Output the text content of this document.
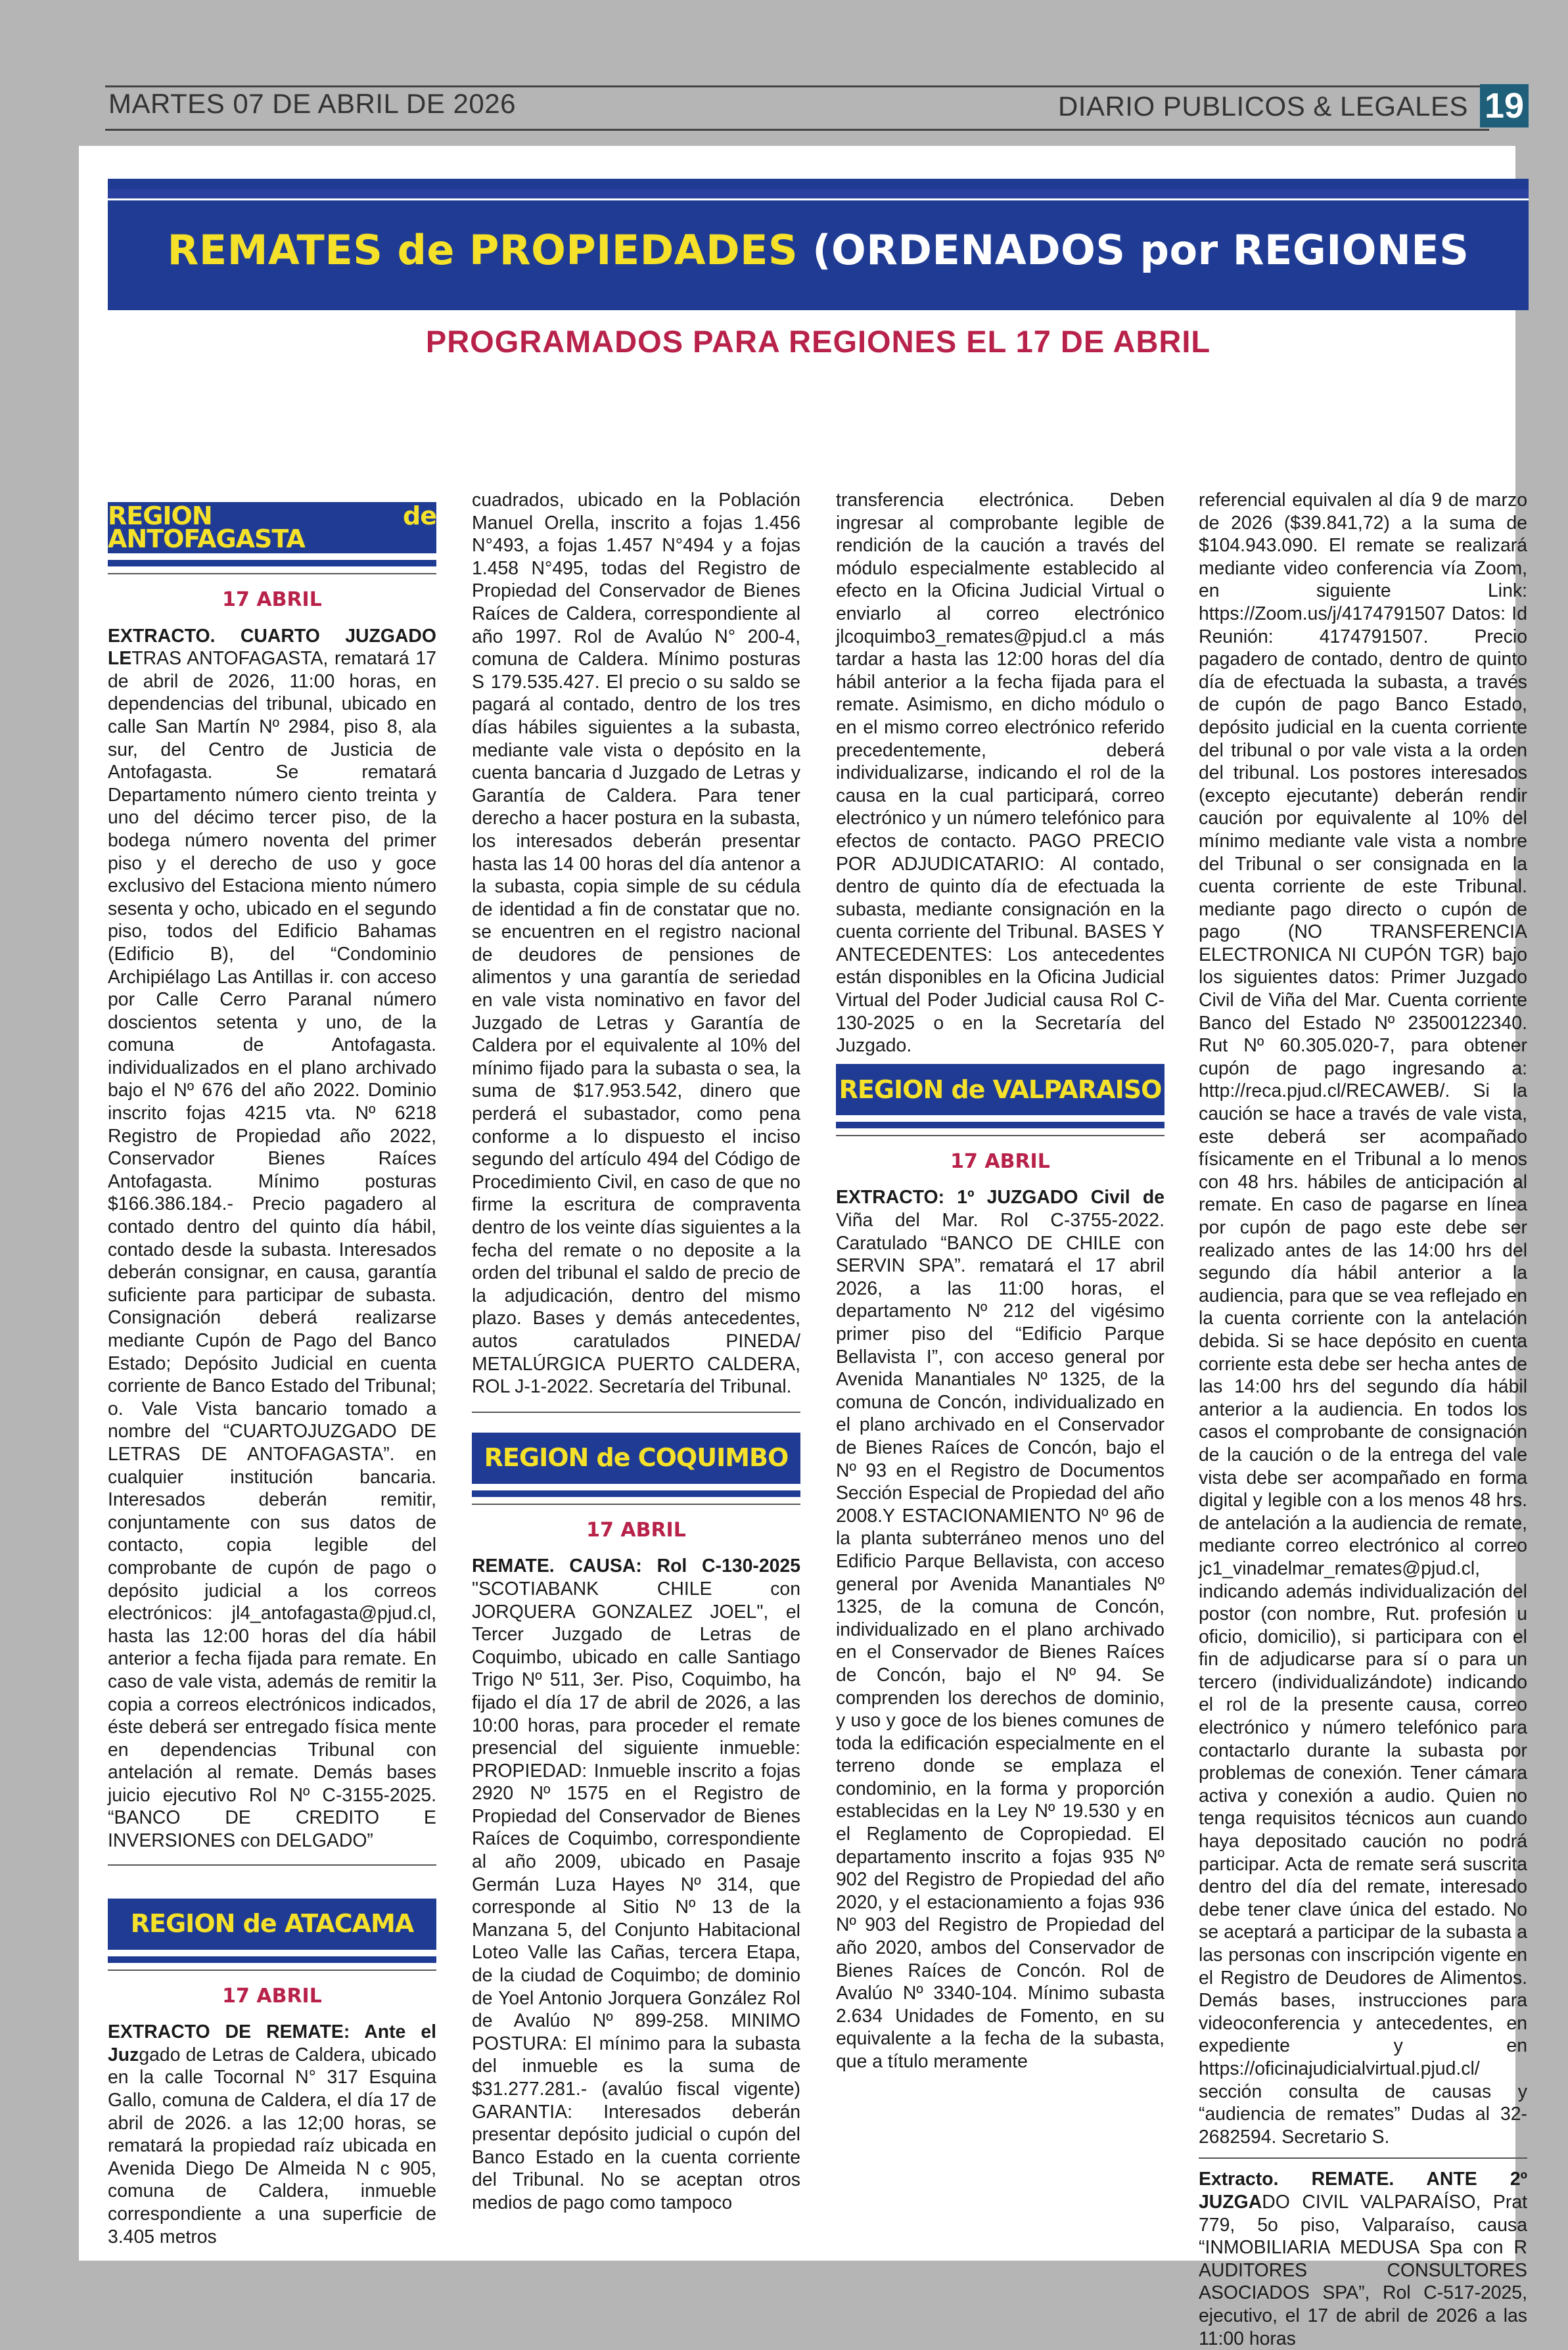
MARTES 07 DE ABRIL DE 2026	DIARIO PUBLICOS & LEGALES 19
REMATES de PROPIEDADES (ORDENADOS por REGIONES
PROGRAMADOS PARA REGIONES EL 17 DE ABRIL
REGION de ANTOFAGASTA
17 ABRIL

EXTRACTO. CUARTO JUZGADO LETRAS ANTOFAGASTA, rematará 17 de abril de 2026, 11:00 horas, en dependencias del tribunal, ubicado en calle San Martín Nº 2984, piso 8, ala sur, del Centro de Justicia de Antofagasta. Se rematará Departamento número ciento treinta y uno del décimo tercer piso, de la bodega número noventa del primer piso y el derecho de uso y goce exclusivo del Estaciona miento número sesenta y ocho, ubicado en el segundo piso, todos del Edificio Bahamas (Edificio B), del “Condominio Archipiélago Las Antillas ir. con acceso por Calle Cerro Paranal número doscientos setenta y uno, de la comuna de Antofagasta. individualizados en el plano archivado bajo el Nº 676 del año 2022. Dominio inscrito fojas 4215 vta. Nº 6218 Registro de Propiedad año 2022, Conservador Bienes Raíces Antofagasta. Mínimo posturas $166.386.184.- Precio pagadero al contado dentro del quinto día hábil, contado desde la subasta. Interesados deberán consignar, en causa, garantía suficiente para participar de subasta. Consignación deberá realizarse mediante Cupón de Pago del Banco Estado; Depósito Judicial en cuenta corriente de Banco Estado del Tribunal; o. Vale Vista bancario tomado a nombre del “CUARTOJUZGADO DE LETRAS DE ANTOFAGASTA”. en cualquier institución bancaria. Interesados deberán remitir, conjuntamente con sus datos de contacto, copia legible del comprobante de cupón de pago o depósito judicial a los correos electrónicos: jl4_antofagasta@pjud.cl, hasta las 12:00 horas del día hábil anterior a fecha fijada para remate. En caso de vale vista, además de remitir la copia a correos electrónicos indicados, éste deberá ser entregado física mente en dependencias Tribunal con antelación al remate. Demás bases juicio ejecutivo Rol Nº C-3155-2025. “BANCO DE CREDITO E INVERSIONES con DELGADO”

REGION de ATACAMA
17 ABRIL

EXTRACTO DE REMATE: Ante el Juzgado de Letras de Caldera, ubicado en la calle Tocornal N° 317 Esquina Gallo, comuna de Caldera, el día 17 de abril de 2026. a las 12;00 horas, se rematará la propiedad raíz ubicada en Avenida Diego De Almeida N c 905, comuna de Caldera, inmueble correspondiente a una superficie de 3.405 metros

cuadrados, ubicado en la Población Manuel Orella, inscrito a fojas 1.456 N°493, a fojas 1.457 N°494 y a fojas 1.458 N°495, todas del Registro de Propiedad del Conservador de Bienes Raíces de Caldera, correspondiente al año 1997. Rol de Avalúo N° 200-4, comuna de Caldera. Mínimo posturas S 179.535.427. El precio o su saldo se pagará al contado, dentro de los tres días hábiles siguientes a la subasta, mediante vale vista o depósito en la cuenta bancaria d Juzgado de Letras y Garantía de Caldera. Para tener derecho a hacer postura en la subasta, los interesados deberán presentar hasta las 14 00 horas del día antenor a la subasta, copia simple de su cédula de identidad a fin de constatar que no. se encuentren en el registro nacional de deudores de pensiones de alimentos y una garantía de seriedad en vale vista nominativo en favor del Juzgado de Letras y Garantía de Caldera por el equivalente al 10% del mínimo fijado para la subasta o sea, la suma de $17.953.542, dinero que perderá el subastador, como pena conforme a lo dispuesto el inciso segundo del artículo 494 del Código de Procedimiento Civil, en caso de que no firme la escritura de compraventa dentro de los veinte días siguientes a la fecha del remate o no deposite a la orden del tribunal el saldo de precio de la adjudicación, dentro del mismo plazo. Bases y demás antecedentes, autos caratulados PINEDA/ METALÚRGICA PUERTO CALDERA, ROL J-1-2022. Secretaría del Tribunal.

REGION de COQUIMBO
17 ABRIL

REMATE. CAUSA: Rol C-130-2025 "SCOTIABANK CHILE con JORQUERA GONZALEZ JOEL", el Tercer Juzgado de Letras de Coquimbo, ubicado en calle Santiago Trigo Nº 511, 3er. Piso, Coquimbo, ha fijado el día 17 de abril de 2026, a las 10:00 horas, para proceder el remate presencial del siguiente inmueble: PROPIEDAD: Inmueble inscrito a fojas 2920 Nº 1575 en el Registro de Propiedad del Conservador de Bienes Raíces de Coquimbo, correspondiente al año 2009, ubicado en Pasaje Germán Luza Hayes Nº 314, que corresponde al Sitio Nº 13 de la Manzana 5, del Conjunto Habitacional Loteo Valle las Cañas, tercera Etapa, de la ciudad de Coquimbo; de dominio de Yoel Antonio Jorquera González Rol de Avalúo Nº 899-258. MINIMO POSTURA: El mínimo para la subasta del inmueble es la suma de $31.277.281.- (avalúo fiscal vigente) GARANTIA: Interesados deberán presentar depósito judicial o cupón del Banco Estado en la cuenta corriente del Tribunal. No se aceptan otros medios de pago como tampoco

transferencia electrónica. Deben ingresar al comprobante legible de rendición de la caución a través del módulo especialmente establecido al efecto en la Oficina Judicial Virtual o enviarlo al correo electrónico jlcoquimbo3_remates@pjud.cl a más tardar a hasta las 12:00 horas del día hábil anterior a la fecha fijada para el remate. Asimismo, en dicho módulo o en el mismo correo electrónico referido precedentemente, deberá individualizarse, indicando el rol de la causa en la cual participará, correo electrónico y un número telefónico para efectos de contacto. PAGO PRECIO POR ADJUDICATARIO: Al contado, dentro de quinto día de efectuada la subasta, mediante consignación en la cuenta corriente del Tribunal. BASES Y ANTECEDENTES: Los antecedentes están disponibles en la Oficina Judicial Virtual del Poder Judicial causa Rol C-130-2025 o en la Secretaría del Juzgado.

REGION de VALPARAISO
17 ABRIL

EXTRACTO: 1º JUZGADO Civil de Viña del Mar. Rol C-3755-2022. Caratulado “BANCO DE CHILE con SERVIN SPA”. rematará el 17 abril 2026, a las 11:00 horas, el departamento Nº 212 del vigésimo primer piso del “Edificio Parque Bellavista I”, con acceso general por Avenida Manantiales Nº 1325, de la comuna de Concón, individualizado en el plano archivado en el Conservador de Bienes Raíces de Concón, bajo el Nº 93 en el Registro de Documentos Sección Especial de Propiedad del año 2008.Y ESTACIONAMIENTO Nº 96 de la planta subterráneo menos uno del Edificio Parque Bellavista, con acceso general por Avenida Manantiales Nº 1325, de la comuna de Concón, individualizado en el plano archivado en el Conservador de Bienes Raíces de Concón, bajo el Nº 94. Se comprenden los derechos de dominio, y uso y goce de los bienes comunes de toda la edificación especialmente en el terreno donde se emplaza el condominio, en la forma y proporción establecidas en la Ley Nº 19.530 y en el Reglamento de Copropiedad. El departamento inscrito a fojas 935 Nº 902 del Registro de Propiedad del año 2020, y el estacionamiento a fojas 936 Nº 903 del Registro de Propiedad del año 2020, ambos del Conservador de Bienes Raíces de Concón. Rol de Avalúo Nº 3340-104. Mínimo subasta 2.634 Unidades de Fomento, en su equivalente a la fecha de la subasta, que a título meramente

referencial equivalen al día 9 de marzo de 2026 ($39.841,72) a la suma de $104.943.090. El remate se realizará mediante video conferencia vía Zoom, en siguiente Link: https://Zoom.us/j/4174791507 Datos: Id Reunión: 4174791507. Precio pagadero de contado, dentro de quinto día de efectuada la subasta, a través de cupón de pago Banco Estado, depósito judicial en la cuenta corriente del tribunal o por vale vista a la orden del tribunal. Los postores interesados (excepto ejecutante) deberán rendir caución por equivalente al 10% del mínimo mediante vale vista a nombre del Tribunal o ser consignada en la cuenta corriente de este Tribunal. mediante pago directo o cupón de pago (NO TRANSFERENCIA ELECTRONICA NI CUPÓN TGR) bajo los siguientes datos: Primer Juzgado Civil de Viña del Mar. Cuenta corriente Banco del Estado Nº 23500122340. Rut Nº 60.305.020-7, para obtener cupón de pago ingresando a: http://reca.pjud.cl/RECAWEB/. Si la caución se hace a través de vale vista, este deberá ser acompañado físicamente en el Tribunal a lo menos con 48 hrs. hábiles de anticipación al remate. En caso de pagarse en línea por cupón de pago este debe ser realizado antes de las 14:00 hrs del segundo día hábil anterior a la audiencia, para que se vea reflejado en la cuenta corriente con la antelación debida. Si se hace depósito en cuenta corriente esta debe ser hecha antes de las 14:00 hrs del segundo día hábil anterior a la audiencia. En todos los casos el comprobante de consignación de la caución o de la entrega del vale vista debe ser acompañado en forma digital y legible con a los menos 48 hrs. de antelación a la audiencia de remate, mediante correo electrónico al correo jc1_vinadelmar_remates@pjud.cl, indicando además individualización del postor (con nombre, Rut. profesión u oficio, domicilio), si participara con el fin de adjudicarse para sí o para un tercero (individualizándote) indicando el rol de la presente causa, correo electrónico y número telefónico para contactarlo durante la subasta por problemas de conexión. Tener cámara activa y conexión a audio. Quien no tenga requisitos técnicos aun cuando haya depositado caución no podrá participar. Acta de remate será suscrita dentro del día del remate, interesado debe tener clave única del estado. No se aceptará a participar de la subasta a las personas con inscripción vigente en el Registro de Deudores de Alimentos. Demás bases, instrucciones para videoconferencia y antecedentes, en expediente y en https://oficinajudicialvirtual.pjud.cl/ sección consulta de causas y “audiencia de remates” Dudas al 32-2682594. Secretario S.

Extracto. REMATE. ANTE 2º JUZGADO CIVIL VALPARAÍSO, Prat 779, 5o piso, Valparaíso, causa “INMOBILIARIA MEDUSA Spa con R AUDITORES CONSULTORES ASOCIADOS SPA”, Rol C-517-2025, ejecutivo, el 17 de abril de 2026 a las 11:00 horas
